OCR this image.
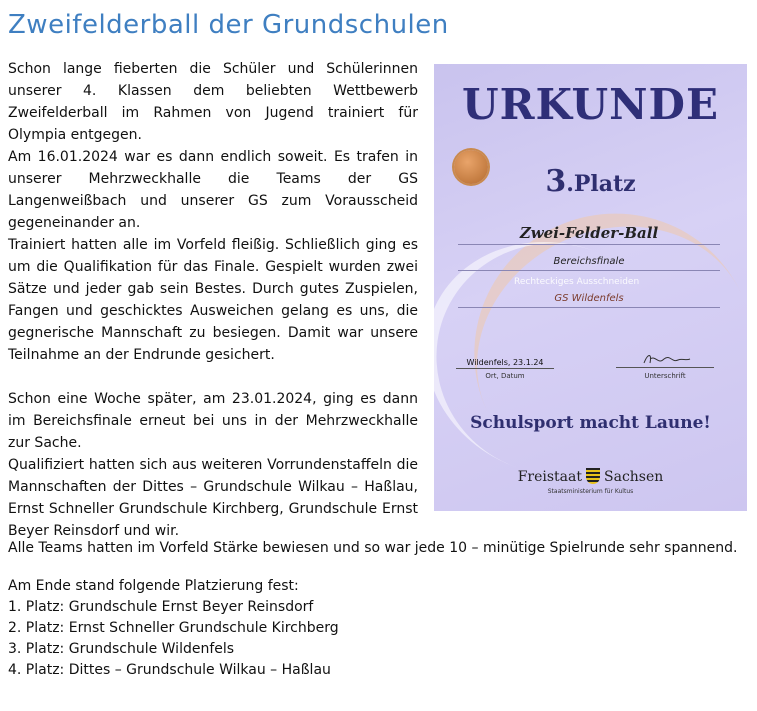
Zweifelderball der Grundschulen

Schon lange fieberten die Schüler und Schülerinnen unserer 4. Klassen dem beliebten Wettbewerb Zweifelderball im Rahmen von Jugend trainiert für Olympia entgegen.

Am 16.01.2024 war es dann endlich soweit. Es trafen in unserer Mehrzweckhalle die Teams der GS Langenweißbach und unserer GS zum Vorausscheid gegeneinander an.

Trainiert hatten alle im Vorfeld fleißig. Schließlich ging es um die Qualifikation für das Finale. Gespielt wurden zwei Sätze und jeder gab sein Bestes. Durch gutes Zuspielen, Fangen und geschicktes Ausweichen gelang es uns, die gegnerische Mannschaft zu besiegen. Damit war unsere Teilnahme an der Endrunde gesichert.

Schon eine Woche später, am 23.01.2024, ging es dann im Bereichsfinale erneut bei uns in der Mehrzweckhalle zur Sache.

Qualifiziert hatten sich aus weiteren Vorrundenstaffeln die Mannschaften der Dittes – Grundschule Wilkau – Haßlau, Ernst Schneller Grundschule Kirchberg, Grundschule Ernst Beyer Reinsdorf und wir.

URKUNDE
3.Platz
Zwei-Felder-Ball
Rechteckiges Ausschneiden
Bereichsfinale
GS Wildenfels
Wildenfels, 23.1.24
Ort, Datum	Unterschrift
Schulsport macht Laune!
Freistaat Sachsen
Staatsministerium für Kultus

Alle Teams hatten im Vorfeld Stärke bewiesen und so war jede 10 – minütige Spielrunde sehr spannend.

Am Ende stand folgende Platzierung fest:

1. Platz: Grundschule Ernst Beyer Reinsdorf
2. Platz: Ernst Schneller Grundschule Kirchberg
3. Platz: Grundschule Wildenfels
4. Platz: Dittes – Grundschule Wilkau – Haßlau
